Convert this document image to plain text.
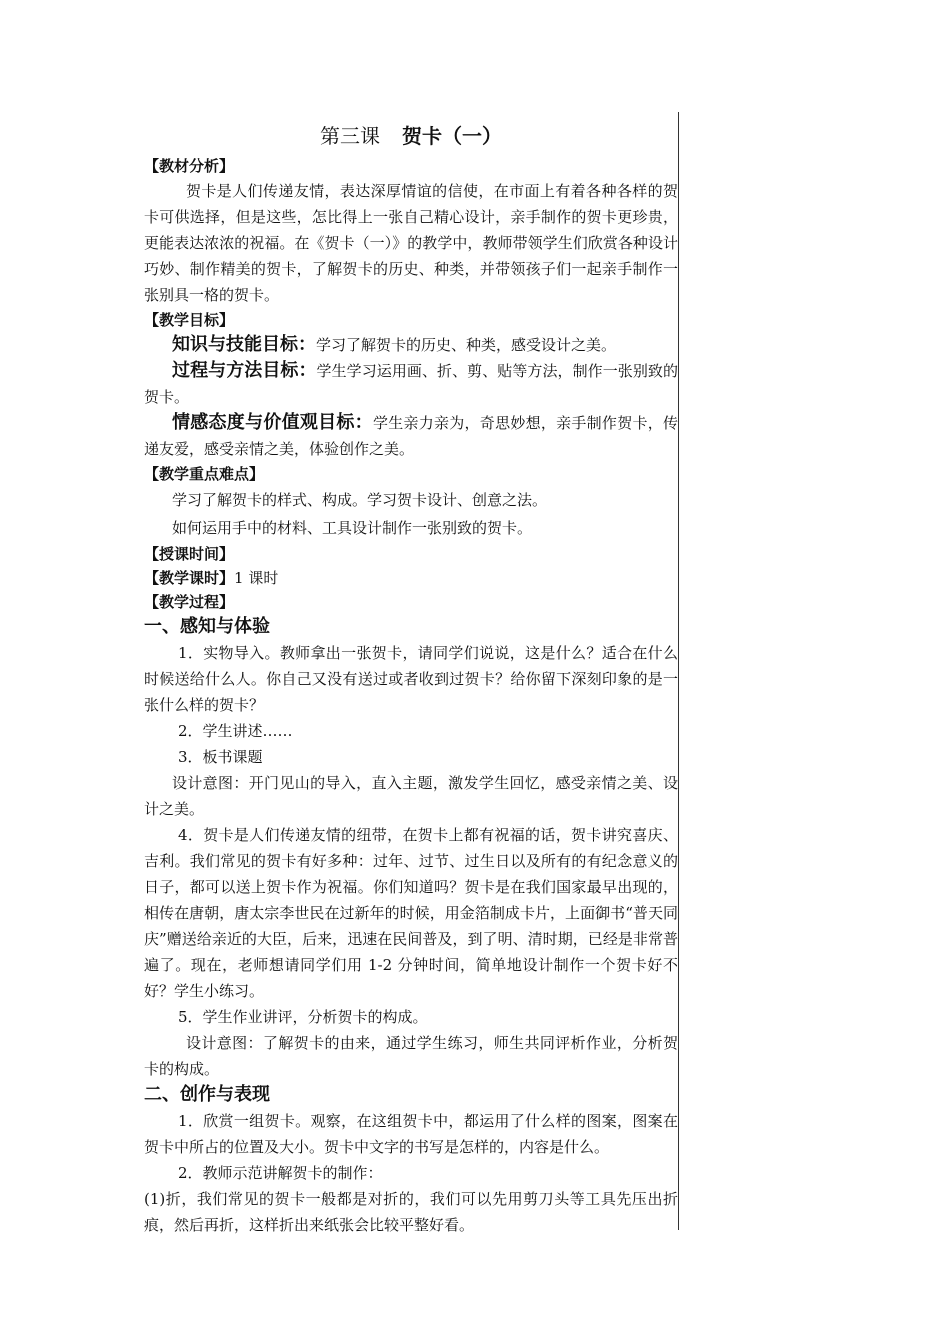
第三课 贺卡（一）
【教材分析】
贺卡是人们传递友情，表达深厚情谊的信使，在市面上有着各种各样的贺卡可供选择，但是这些，怎比得上一张自己精心设计，亲手制作的贺卡更珍贵，更能表达浓浓的祝福。在《贺卡（一）》的教学中，教师带领学生们欣赏各种设计巧妙、制作精美的贺卡，了解贺卡的历史、种类，并带领孩子们一起亲手制作一张别具一格的贺卡。
【教学目标】
知识与技能目标：学习了解贺卡的历史、种类，感受设计之美。
过程与方法目标：学生学习运用画、折、剪、贴等方法，制作一张别致的贺卡。
情感态度与价值观目标：学生亲力亲为，奇思妙想，亲手制作贺卡，传递友爱，感受亲情之美，体验创作之美。
【教学重点难点】
学习了解贺卡的样式、构成。学习贺卡设计、创意之法。
如何运用手中的材料、工具设计制作一张别致的贺卡。
【授课时间】
【教学课时】1 课时
【教学过程】
一、感知与体验
1．实物导入。教师拿出一张贺卡，请同学们说说，这是什么？适合在什么时候送给什么人。你自己又没有送过或者收到过贺卡？给你留下深刻印象的是一张什么样的贺卡？
2．学生讲述……
3．板书课题
设计意图：开门见山的导入，直入主题，激发学生回忆，感受亲情之美、设计之美。
4．贺卡是人们传递友情的纽带，在贺卡上都有祝福的话，贺卡讲究喜庆、吉利。我们常见的贺卡有好多种：过年、过节、过生日以及所有的有纪念意义的日子，都可以送上贺卡作为祝福。你们知道吗？贺卡是在我们国家最早出现的，相传在唐朝，唐太宗李世民在过新年的时候，用金箔制成卡片，上面御书“普天同庆”赠送给亲近的大臣，后来，迅速在民间普及，到了明、清时期，已经是非常普遍了。现在，老师想请同学们用 1-2 分钟时间，简单地设计制作一个贺卡好不好？学生小练习。
5．学生作业讲评，分析贺卡的构成。
设计意图：了解贺卡的由来，通过学生练习，师生共同评析作业，分析贺卡的构成。
二、创作与表现
1．欣赏一组贺卡。观察，在这组贺卡中，都运用了什么样的图案，图案在贺卡中所占的位置及大小。贺卡中文字的书写是怎样的，内容是什么。
2．教师示范讲解贺卡的制作：
(1)折，我们常见的贺卡一般都是对折的，我们可以先用剪刀头等工具先压出折痕，然后再折，这样折出来纸张会比较平整好看。
